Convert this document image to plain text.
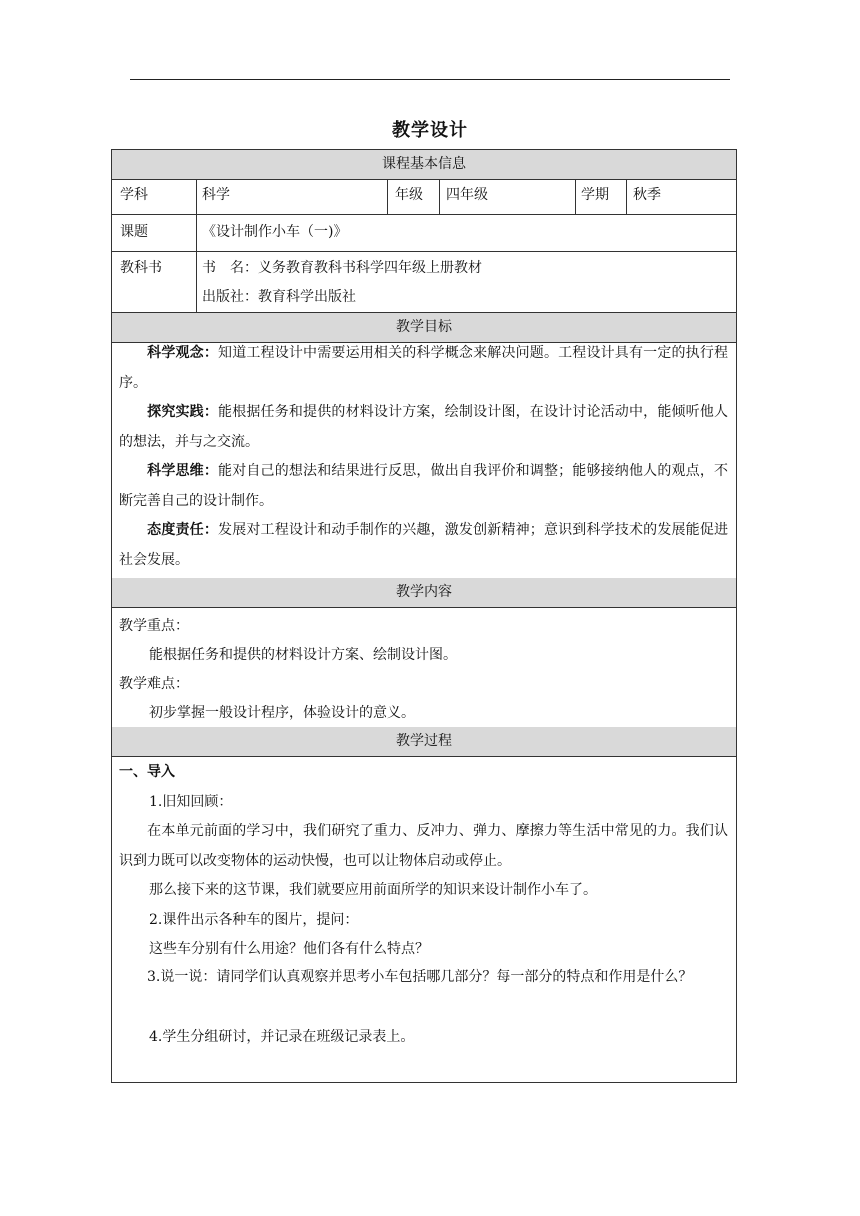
教学设计
课程基本信息
学科	科学	年级 四年级	学期 秋季
课题	《设计制作小车（一)》
教科书	书　名：义务教育教科书科学四年级上册教材
出版社：教育科学出版社
教学目标
科学观念：知道工程设计中需要运用相关的科学概念来解决问题。工程设计具有一定的执行程序。
探究实践：能根据任务和提供的材料设计方案，绘制设计图，在设计讨论活动中，能倾听他人的想法，并与之交流。
科学思维：能对自己的想法和结果进行反思，做出自我评价和调整；能够接纳他人的观点，不断完善自己的设计制作。
态度责任：发展对工程设计和动手制作的兴趣，激发创新精神；意识到科学技术的发展能促进社会发展。
教学内容
教学重点：
能根据任务和提供的材料设计方案、绘制设计图。
教学难点：
初步掌握一般设计程序，体验设计的意义。
教学过程
一、导入
1.旧知回顾：
在本单元前面的学习中，我们研究了重力、反冲力、弹力、摩擦力等生活中常见的力。我们认识到力既可以改变物体的运动快慢，也可以让物体启动或停止。
那么接下来的这节课，我们就要应用前面所学的知识来设计制作小车了。
2.课件出示各种车的图片，提问：
这些车分别有什么用途？他们各有什么特点？
3.说一说：请同学们认真观察并思考小车包括哪几部分？每一部分的特点和作用是什么？
4.学生分组研讨，并记录在班级记录表上。
